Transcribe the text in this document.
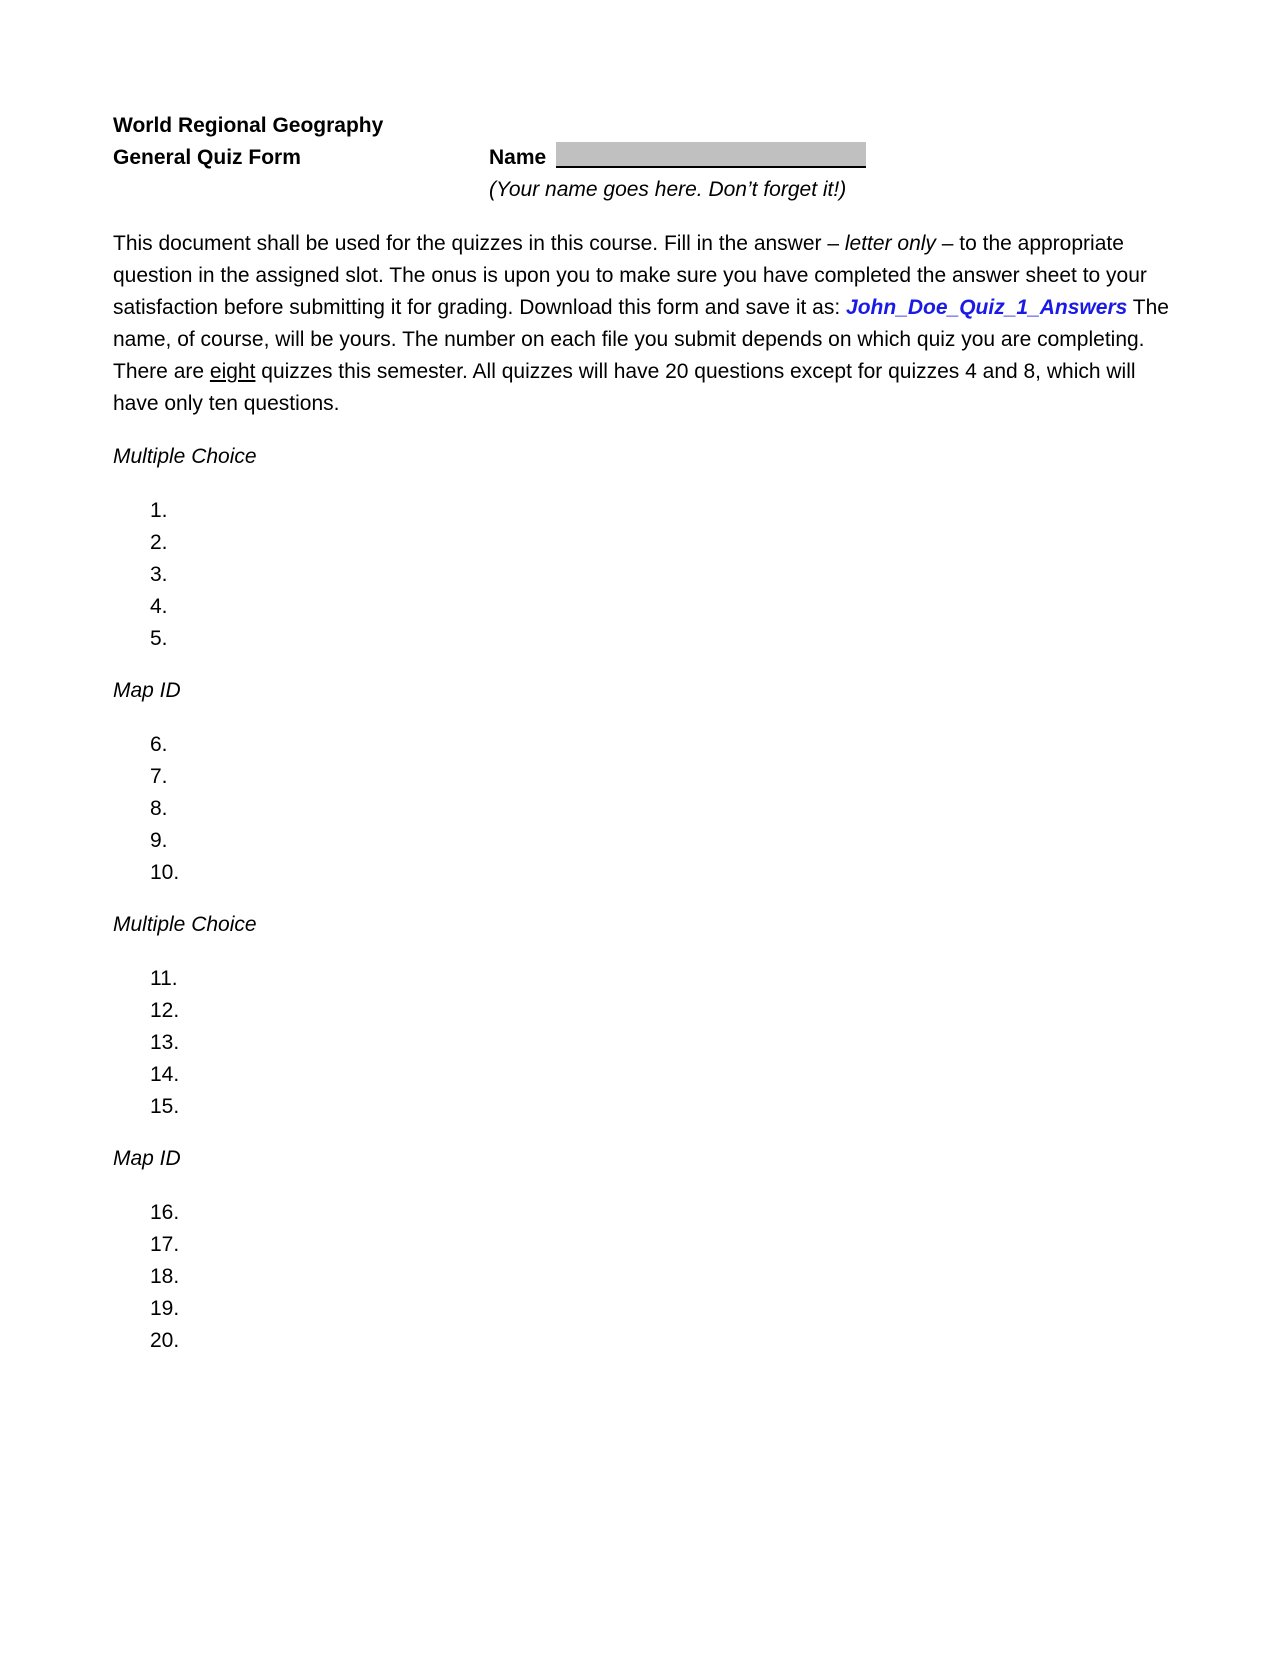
World Regional Geography
General Quiz Form	Name
(Your name goes here. Don’t forget it!)

This document shall be used for the quizzes in this course. Fill in the answer – letter only – to the appropriate question in the assigned slot. The onus is upon you to make sure you have completed the answer sheet to your satisfaction before submitting it for grading. Download this form and save it as: John_Doe_Quiz_1_Answers The name, of course, will be yours. The number on each file you submit depends on which quiz you are completing. There are eight quizzes this semester. All quizzes will have 20 questions except for quizzes 4 and 8, which will have only ten questions.

Multiple Choice
1.
2.
3.
4.
5.
Map ID
6.
7.
8.
9.
10.
Multiple Choice
11.
12.
13.
14.
15.
Map ID
16.
17.
18.
19.
20.
